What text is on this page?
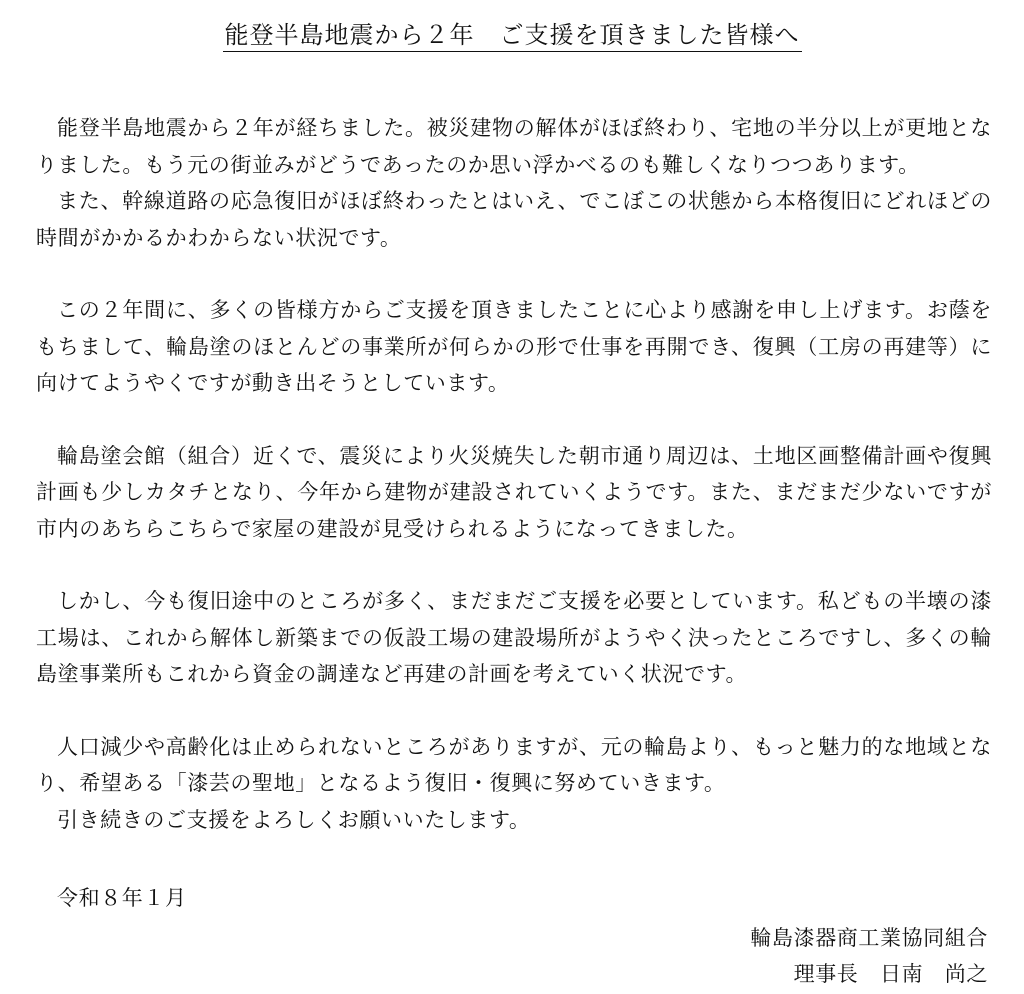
能登半島地震から２年　ご支援を頂きました皆様へ

能登半島地震から２年が経ちました。被災建物の解体がほぼ終わり、宅地の半分以上が更地となりました。もう元の街並みがどうであったのか思い浮かべるのも難しくなりつつあります。

また、幹線道路の応急復旧がほぼ終わったとはいえ、でこぼこの状態から本格復旧にどれほどの時間がかかるかわからない状況です。

この２年間に、多くの皆様方からご支援を頂きましたことに心より感謝を申し上げます。お蔭をもちまして、輪島塗のほとんどの事業所が何らかの形で仕事を再開でき、復興（工房の再建等）に向けてようやくですが動き出そうとしています。

輪島塗会館（組合）近くで、震災により火災焼失した朝市通り周辺は、土地区画整備計画や復興計画も少しカタチとなり、今年から建物が建設されていくようです。また、まだまだ少ないですが市内のあちらこちらで家屋の建設が見受けられるようになってきました。

しかし、今も復旧途中のところが多く、まだまだご支援を必要としています。私どもの半壊の漆工場は、これから解体し新築までの仮設工場の建設場所がようやく決ったところですし、多くの輪島塗事業所もこれから資金の調達など再建の計画を考えていく状況です。

人口減少や高齢化は止められないところがありますが、元の輪島より、もっと魅力的な地域となり、希望ある「漆芸の聖地」となるよう復旧・復興に努めていきます。

引き続きのご支援をよろしくお願いいたします。

令和８年１月
輪島漆器商工業協同組合
理事長　日南　尚之
